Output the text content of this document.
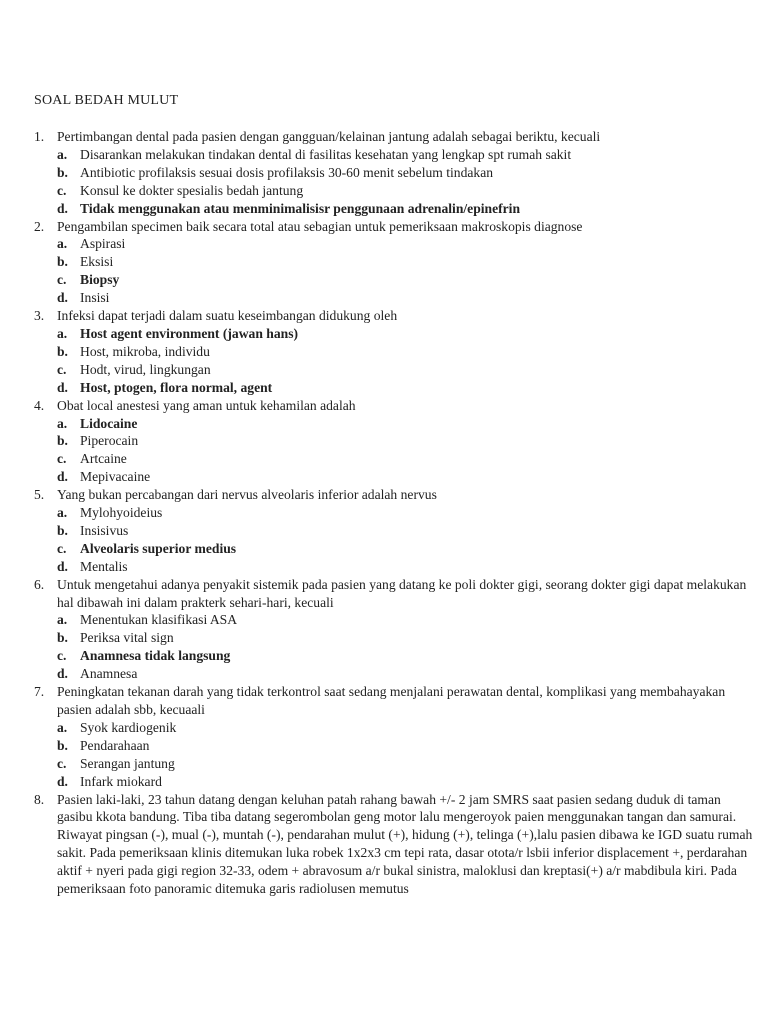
SOAL BEDAH MULUT
1. Pertimbangan dental pada pasien dengan gangguan/kelainan jantung adalah sebagai beriktu, kecuali
a. Disarankan melakukan tindakan dental di fasilitas kesehatan yang lengkap spt rumah sakit
b. Antibiotic profilaksis sesuai dosis profilaksis 30-60 menit sebelum tindakan
c. Konsul ke dokter spesialis bedah jantung
d. Tidak menggunakan atau menminimalisisr penggunaan adrenalin/epinefrin
2. Pengambilan specimen baik secara total atau sebagian untuk pemeriksaan makroskopis diagnose
a. Aspirasi
b. Eksisi
c. Biopsy
d. Insisi
3. Infeksi dapat terjadi dalam suatu keseimbangan didukung oleh
a. Host agent environment (jawan hans)
b. Host, mikroba, individu
c. Hodt, virud, lingkungan
d. Host, ptogen, flora normal, agent
4. Obat local anestesi yang aman untuk kehamilan adalah
a. Lidocaine
b. Piperocain
c. Artcaine
d. Mepivacaine
5. Yang bukan percabangan dari nervus alveolaris inferior adalah nervus
a. Mylohyoideius
b. Insisivus
c. Alveolaris superior medius
d. Mentalis
6. Untuk mengetahui adanya penyakit sistemik pada pasien yang datang ke poli dokter gigi, seorang dokter gigi dapat melakukan hal dibawah ini dalam prakterk sehari-hari, kecuali
a. Menentukan klasifikasi ASA
b. Periksa vital sign
c. Anamnesa tidak langsung
d. Anamnesa
7. Peningkatan tekanan darah yang tidak terkontrol saat sedang menjalani perawatan dental, komplikasi yang membahayakan pasien adalah sbb, kecuaali
a. Syok kardiogenik
b. Pendarahaan
c. Serangan jantung
d. Infark miokard
8. Pasien laki-laki, 23 tahun datang dengan keluhan patah rahang bawah +/- 2 jam SMRS saat pasien sedang duduk di taman gasibu kkota bandung. Tiba tiba datang segerombolan geng motor lalu mengeroyok paien menggunakan tangan dan samurai. Riwayat pingsan (-), mual (-), muntah (-), pendarahan mulut (+), hidung (+), telinga (+),lalu pasien dibawa ke IGD suatu rumah sakit. Pada pemeriksaan klinis ditemukan luka robek 1x2x3 cm tepi rata, dasar otota/r lsbii inferior displacement +, perdarahan aktif + nyeri pada gigi region 32-33, odem + abravosum a/r bukal sinistra, maloklusi dan kreptasi(+) a/r mabdibula kiri. Pada pemeriksaan foto panoramic ditemuka garis radiolusen memutus
